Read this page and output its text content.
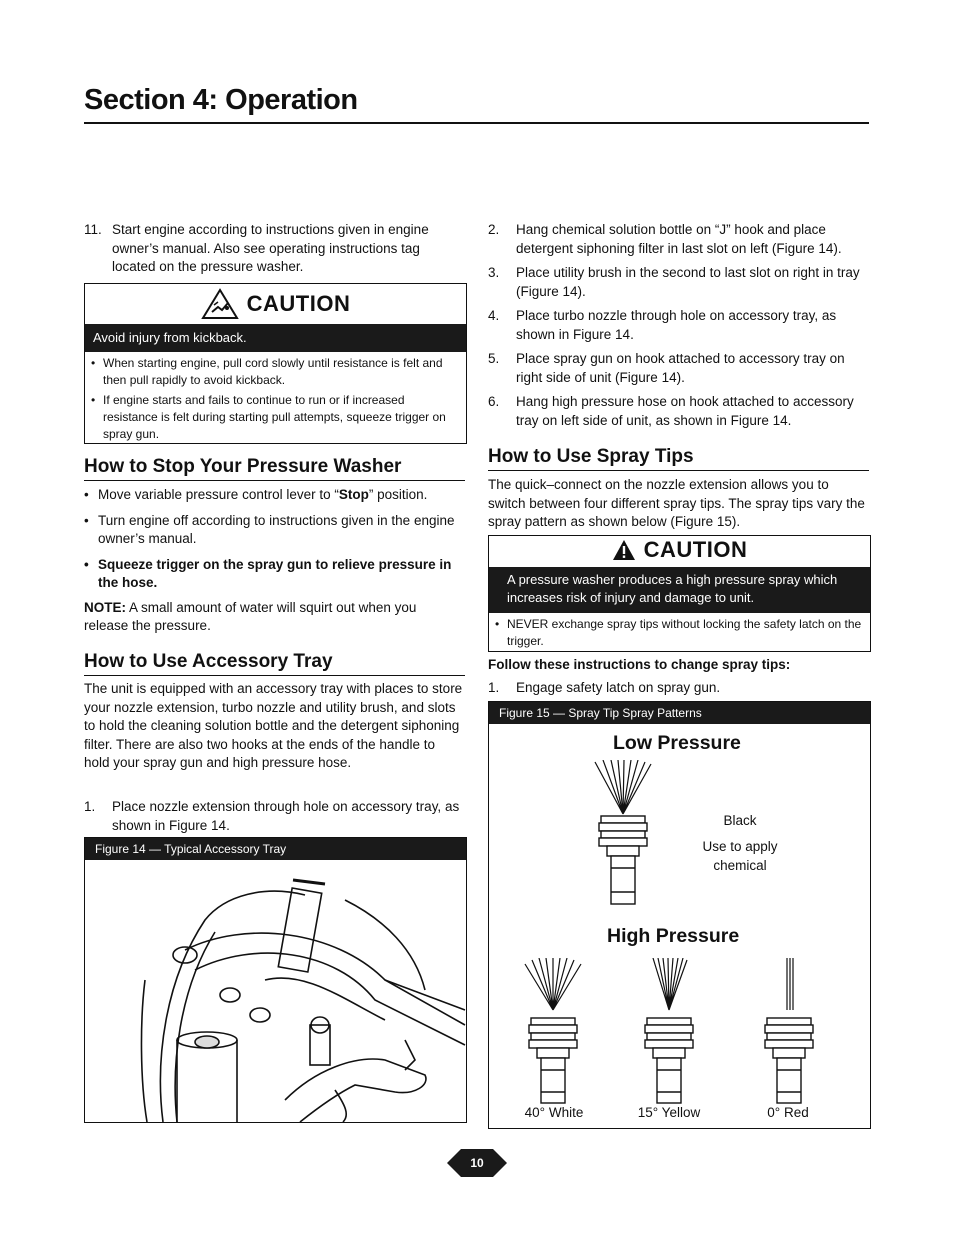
Section 4: Operation
11. Start engine according to instructions given in engine owner’s manual. Also see operating instructions tag located on the pressure washer.
CAUTION
Avoid injury from kickback.
• When starting engine, pull cord slowly until resistance is felt and then pull rapidly to avoid kickback.
• If engine starts and fails to continue to run or if increased resistance is felt during starting pull attempts, squeeze trigger on spray gun.
How to Stop Your Pressure Washer
• Move variable pressure control lever to “Stop” position.
• Turn engine off according to instructions given in the engine owner’s manual.
• Squeeze trigger on the spray gun to relieve pressure in the hose.

NOTE: A small amount of water will squirt out when you release the pressure.

How to Use Accessory Tray

The unit is equipped with an accessory tray with places to store your nozzle extension, turbo nozzle and utility brush, and slots to hold the cleaning solution bottle and the detergent siphoning filter. There are also two hooks at the ends of the handle to hold your spray gun and high pressure hose.

1.	Place nozzle extension through hole on accessory tray, as shown in Figure 14.
Figure 14 — Typical Accessory Tray
2.	Hang chemical solution bottle on “J” hook and place detergent siphoning filter in last slot on left (Figure 14).
3.	Place utility brush in the second to last slot on right in tray (Figure 14).
4.	Place turbo nozzle through hole on accessory tray, as shown in Figure 14.
5.	Place spray gun on hook attached to accessory tray on right side of unit (Figure 14).
6.	Hang high pressure hose on hook attached to accessory tray on left side of unit, as shown in Figure 14.
How to Use Spray Tips

The quick–connect on the nozzle extension allows you to switch between four different spray tips. The spray tips vary the spray pattern as shown below (Figure 15).

CAUTION
A pressure washer produces a high pressure spray which increases risk of injury and damage to unit.
• NEVER exchange spray tips without locking the safety latch on the trigger.

Follow these instructions to change spray tips:

1.	Engage safety latch on spray gun.
Figure 15 — Spray Tip Spray Patterns
Low Pressure
Black
Use to apply chemical
High Pressure
40° White	15° Yellow	0° Red
10
